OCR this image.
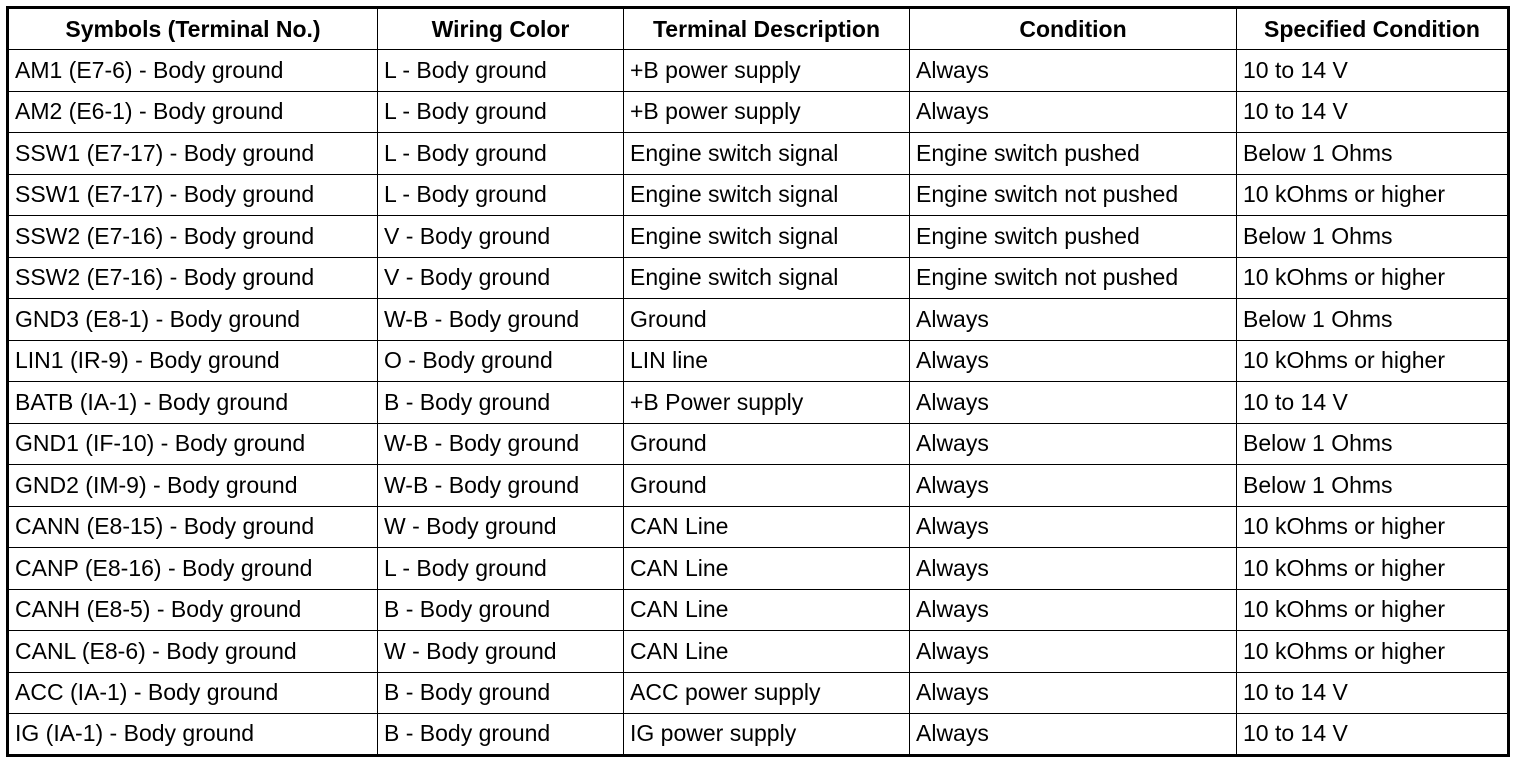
Symbols (Terminal No.)	Wiring Color	Terminal Description	Condition	Specified Condition
AM1 (E7-6) - Body ground	L - Body ground	+B power supply	Always	10 to 14 V
AM2 (E6-1) - Body ground	L - Body ground	+B power supply	Always	10 to 14 V
SSW1 (E7-17) - Body ground	L - Body ground	Engine switch signal	Engine switch pushed	Below 1 Ohms
SSW1 (E7-17) - Body ground	L - Body ground	Engine switch signal	Engine switch not pushed	10 kOhms or higher
SSW2 (E7-16) - Body ground	V - Body ground	Engine switch signal	Engine switch pushed	Below 1 Ohms
SSW2 (E7-16) - Body ground	V - Body ground	Engine switch signal	Engine switch not pushed	10 kOhms or higher
GND3 (E8-1) - Body ground	W-B - Body ground	Ground	Always	Below 1 Ohms
LIN1 (IR-9) - Body ground	O - Body ground	LIN line	Always	10 kOhms or higher
BATB (IA-1) - Body ground	B - Body ground	+B Power supply	Always	10 to 14 V
GND1 (IF-10) - Body ground	W-B - Body ground	Ground	Always	Below 1 Ohms
GND2 (IM-9) - Body ground	W-B - Body ground	Ground	Always	Below 1 Ohms
CANN (E8-15) - Body ground	W - Body ground	CAN Line	Always	10 kOhms or higher
CANP (E8-16) - Body ground	L - Body ground	CAN Line	Always	10 kOhms or higher
CANH (E8-5) - Body ground	B - Body ground	CAN Line	Always	10 kOhms or higher
CANL (E8-6) - Body ground	W - Body ground	CAN Line	Always	10 kOhms or higher
ACC (IA-1) - Body ground	B - Body ground	ACC power supply	Always	10 to 14 V
IG (IA-1) - Body ground	B - Body ground	IG power supply	Always	10 to 14 V
